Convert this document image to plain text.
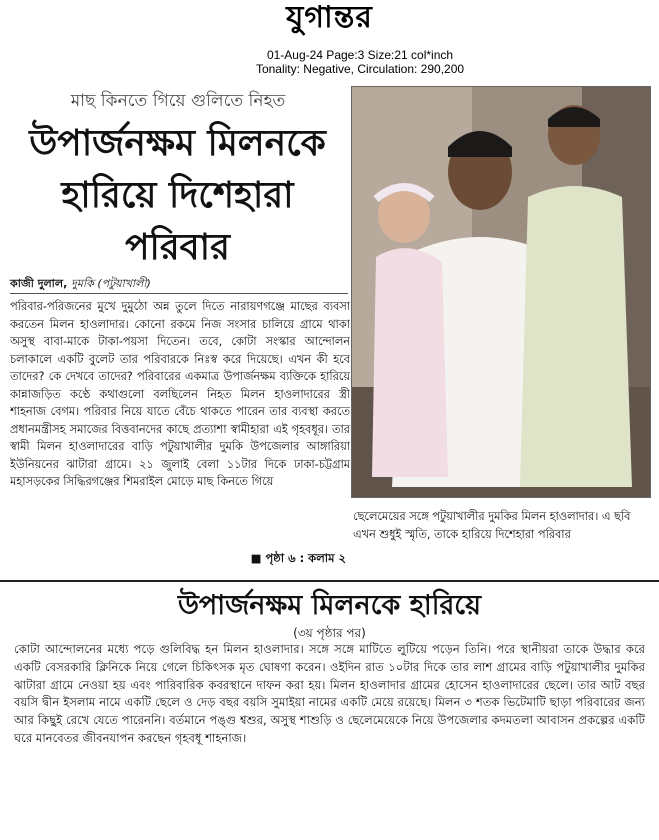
যুগান্তর
01-Aug-24 Page:3 Size:21 col*inch
Tonality: Negative, Circulation: 290,200
মাছ কিনতে গিয়ে গুলিতে নিহত
উপার্জনক্ষম মিলনকে
হারিয়ে দিশেহারা
পরিবার
কাজী দুলাল, দুমকি (পটুয়াখালী)
পরিবার-পরিজনের মুখে দুমুঠো অন্ন তুলে দিতে নারায়ণগঞ্জে মাছের ব্যবসা করতেন মিলন হাওলাদার। কোনো রকমে নিজ সংসার চালিয়ে গ্রামে থাকা অসুস্থ বাবা-মাকে টাকা-পয়সা দিতেন। তবে, কোটা সংস্কার আন্দোলন চলাকালে একটি বুলেট তার পরিবারকে নিঃস্ব করে দিয়েছে। এখন কী হবে তাদের? কে দেখবে তাদের? পরিবারের একমাত্র উপার্জনক্ষম ব্যক্তিকে হারিয়ে কান্নাজড়িত কণ্ঠে কথাগুলো বলছিলেন নিহত মিলন হাওলাদারের স্ত্রী শাহনাজ বেগম। পরিবার নিয়ে যাতে বেঁচে থাকতে পারেন তার ব্যবস্থা করতে প্রধানমন্ত্রীসহ সমাজের বিত্তবানদের কাছে প্রত্যাশা স্বামীহারা এই গৃহবধূর। তার স্বামী মিলন হাওলাদারের বাড়ি পটুয়াখালীর দুমকি উপজেলার আঙ্গারিয়া ইউনিয়নের ঝাটারা গ্রামে। ২১ জুলাই বেলা ১১টার দিকে ঢাকা-চট্টগ্রাম মহাসড়কের সিদ্ধিরগঞ্জের শিমরাইল মোড়ে মাছ কিনতে গিয়ে
■ পৃষ্ঠা ৬ : কলাম ২
ছেলেমেয়ের সঙ্গে পটুয়াখালীর দুমকির মিলন হাওলাদার। এ ছবি এখন শুধুই স্মৃতি, তাকে হারিয়ে দিশেহারা পরিবার
উপার্জনক্ষম মিলনকে হারিয়ে
(৩য় পৃষ্ঠার পর)
কোটা আন্দোলনের মধ্যে পড়ে গুলিবিদ্ধ হন মিলন হাওলাদার। সঙ্গে সঙ্গে মাটিতে লুটিয়ে পড়েন তিনি। পরে স্থানীয়রা তাকে উদ্ধার করে একটি বেসরকারি ক্লিনিকে নিয়ে গেলে চিকিৎসক মৃত ঘোষণা করেন। ওইদিন রাত ১০টার দিকে তার লাশ গ্রামের বাড়ি পটুয়াখালীর দুমকির ঝাটারা গ্রামে নেওয়া হয় এবং পারিবারিক কবরস্থানে দাফন করা হয়। মিলন হাওলাদার গ্রামের হোসেন হাওলাদারের ছেলে। তার আট বছর বয়সি দ্বীন ইসলাম নামে একটি ছেলে ও দেড় বছর বয়সি সুমাইয়া নামের একটি মেয়ে রয়েছে। মিলন ৩ শতক ভিটেমাটি ছাড়া পরিবারের জন্য আর কিছুই রেখে যেতে পারেননি। বর্তমানে পঙ্গু শ্বশুর, অসুস্থ শাশুড়ি ও ছেলেমেয়েকে নিয়ে উপজেলার কদমতলা আবাসন প্রকল্পের একটি ঘরে মানবেতর জীবনযাপন করছেন গৃহবধূ শাহনাজ।
